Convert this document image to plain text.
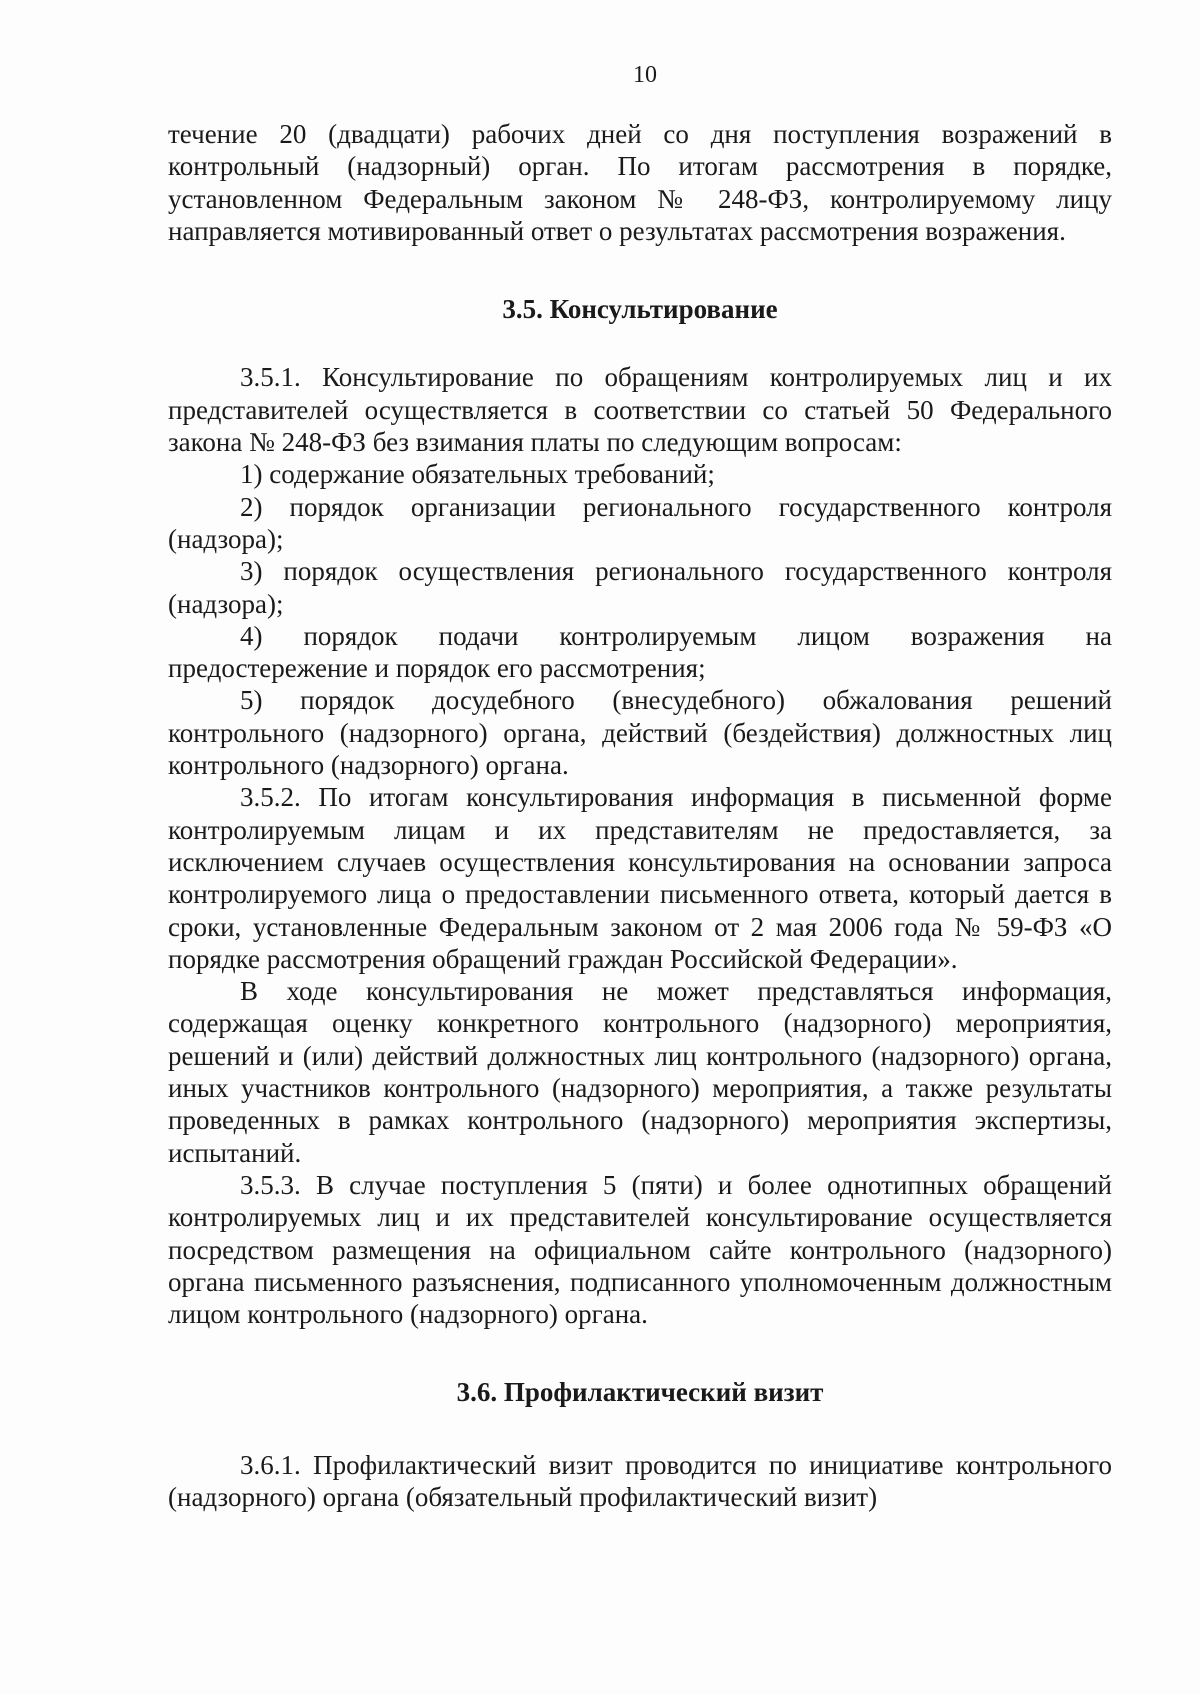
10

течение 20 (двадцати) рабочих дней со дня поступления возражений в контрольный (надзорный) орган. По итогам рассмотрения в порядке, установленном Федеральным законом № 248-ФЗ, контролируемому лицу направляется мотивированный ответ о результатах рассмотрения возражения.

3.5. Консультирование

3.5.1. Консультирование по обращениям контролируемых лиц и их представителей осуществляется в соответствии со статьей 50 Федерального закона № 248-ФЗ без взимания платы по следующим вопросам:

1) содержание обязательных требований;

2) порядок организации регионального государственного контроля (надзора);

3) порядок осуществления регионального государственного контроля (надзора);

4) порядок подачи контролируемым лицом возражения на предостережение и порядок его рассмотрения;

5) порядок досудебного (внесудебного) обжалования решений контрольного (надзорного) органа, действий (бездействия) должностных лиц контрольного (надзорного) органа.

3.5.2. По итогам консультирования информация в письменной форме контролируемым лицам и их представителям не предоставляется, за исключением случаев осуществления консультирования на основании запроса контролируемого лица о предоставлении письменного ответа, который дается в сроки, установленные Федеральным законом от 2 мая 2006 года № 59-ФЗ «О порядке рассмотрения обращений граждан Российской Федерации».

В ходе консультирования не может представляться информация, содержащая оценку конкретного контрольного (надзорного) мероприятия, решений и (или) действий должностных лиц контрольного (надзорного) органа, иных участников контрольного (надзорного) мероприятия, а также результаты проведенных в рамках контрольного (надзорного) мероприятия экспертизы, испытаний.

3.5.3. В случае поступления 5 (пяти) и более однотипных обращений контролируемых лиц и их представителей консультирование осуществляется посредством размещения на официальном сайте контрольного (надзорного) органа письменного разъяснения, подписанного уполномоченным должностным лицом контрольного (надзорного) органа.

3.6. Профилактический визит

3.6.1. Профилактический визит проводится по инициативе контрольного (надзорного) органа (обязательный профилактический визит)
